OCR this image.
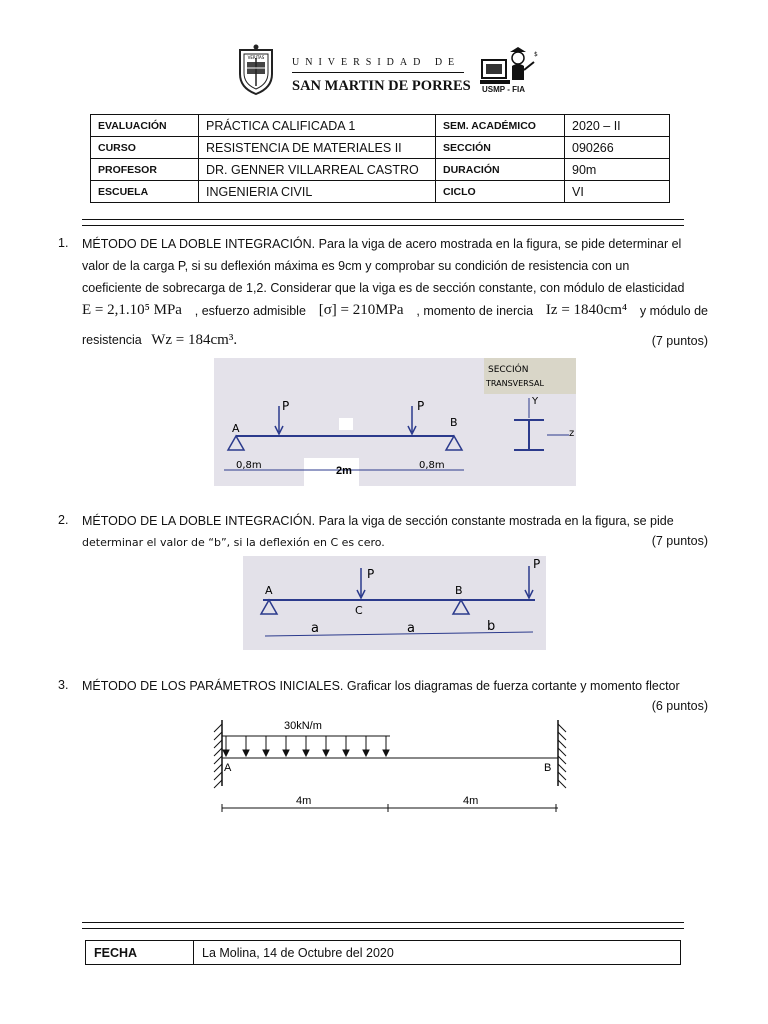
VERITAS	UNIVERSIDAD DE
SAN MARTIN DE PORRES
$
USMP - FIA
EVALUACIÓN	PRÁCTICA CALIFICADA 1	SEM. ACADÉMICO	2020 – II
CURSO	RESISTENCIA DE MATERIALES II	SECCIÓN	090266
PROFESOR	DR. GENNER VILLARREAL CASTRO	DURACIÓN	90m
ESCUELA	INGENIERIA CIVIL	CICLO	VI
1. MÉTODO DE LA DOBLE INTEGRACIÓN. Para la viga de acero mostrada en la figura, se pide determinar el
valor de la carga P, si su deflexión máxima es 9cm y comprobar su condición de resistencia con un
coeficiente de sobrecarga de 1,2. Considerar que la viga es de sección constante, con módulo de elasticidad
E = 2,1.10⁵ MPa , esfuerzo admisible [σ] = 210MPa , momento de inercia Iz = 1840cm⁴ y módulo de
resistencia Wz = 184cm³.	(7 puntos)
P	P
A	B
0,8m	2m	0,8m
SECCIÓN
TRANSVERSAL
Y
z
2. MÉTODO DE LA DOBLE INTEGRACIÓN. Para la viga de sección constante mostrada en la figura, se pide
determinar el valor de “b”, si la deflexión en C es cero.	(7 puntos)
P
P
A
C
B
a	a	b
3. MÉTODO DE LOS PARÁMETROS INICIALES. Graficar los diagramas de fuerza cortante y momento flector
(6 puntos)
30kN/m
A	B
4m	4m
FECHA	La Molina, 14 de Octubre del 2020
